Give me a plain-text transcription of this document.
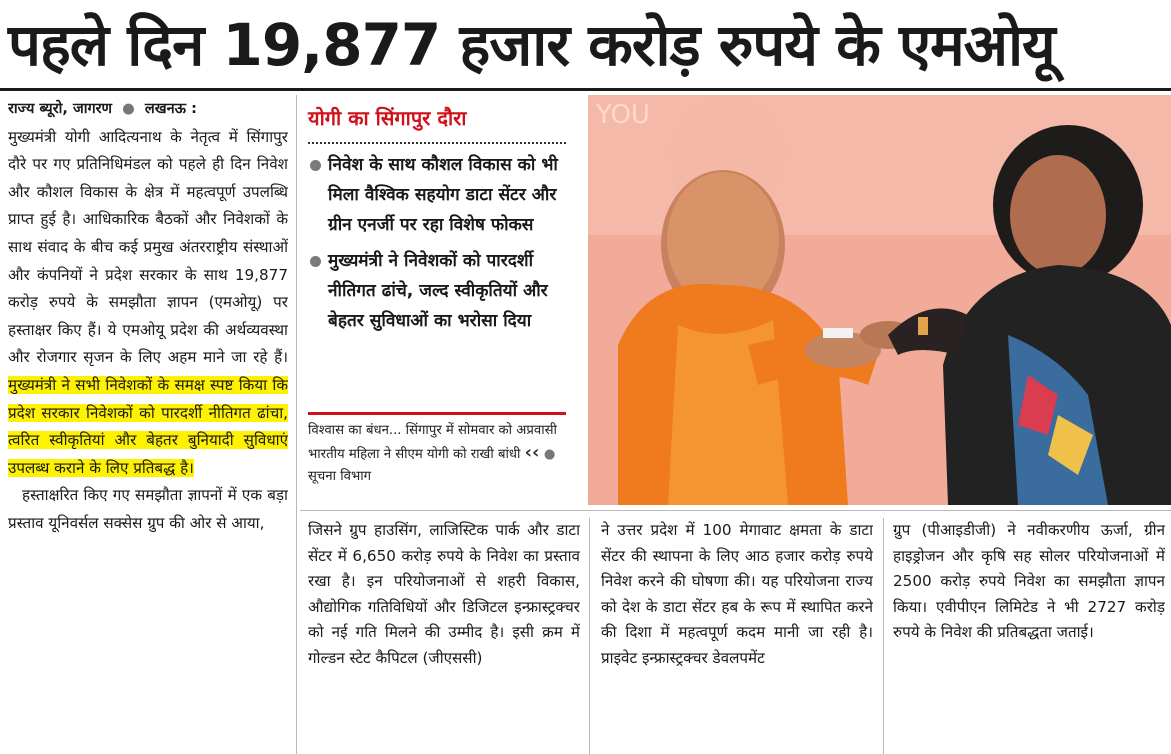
पहले दिन 19,877 हजार करोड़ रुपये के एमओयू
राज्य ब्यूरो, जागरण  ●  लखनऊ :
मुख्यमंत्री योगी आदित्यनाथ के नेतृत्व में सिंगापुर दौरे पर गए प्रतिनिधिमंडल को पहले ही दिन निवेश और कौशल विकास के क्षेत्र में महत्वपूर्ण उपलब्धि प्राप्त हुई है। आधिकारिक बैठकों और निवेशकों के साथ संवाद के बीच कई प्रमुख अंतरराष्ट्रीय संस्थाओं और कंपनियों ने प्रदेश सरकार के साथ 19,877 करोड़ रुपये के समझौता ज्ञापन (एमओयू) पर हस्ताक्षर किए हैं। ये एमओयू प्रदेश की अर्थव्यवस्था और रोजगार सृजन के लिए अहम माने जा रहे हैं। मुख्यमंत्री ने सभी निवेशकों के समक्ष स्पष्ट किया कि प्रदेश सरकार निवेशकों को पारदर्शी नीतिगत ढांचा, त्वरित स्वीकृतियां और बेहतर बुनियादी सुविधाएं उपलब्ध कराने के लिए प्रतिबद्ध है।
हस्ताक्षरित किए गए समझौता ज्ञापनों में एक बड़ा प्रस्ताव यूनिवर्सल सक्सेस ग्रुप की ओर से आया,
योगी का सिंगापुर दौरा
निवेश के साथ कौशल विकास को भी मिला वैश्विक सहयोग डाटा सेंटर और ग्रीन एनर्जी पर रहा विशेष फोकस
मुख्यमंत्री ने निवेशकों को पारदर्शी नीतिगत ढांचे, जल्द स्वीकृतियों और बेहतर सुविधाओं का भरोसा दिया
विश्वास का बंधन... सिंगापुर में सोमवार को अप्रवासी भारतीय महिला ने सीएम योगी को राखी बांधी ‹‹ ● सूचना विभाग
YOU
जिसने ग्रुप हाउसिंग, लाजिस्टिक पार्क और डाटा सेंटर में 6,650 करोड़ रुपये के निवेश का प्रस्ताव रखा है। इन परियोजनाओं से शहरी विकास, औद्योगिक गतिविधियों और डिजिटल इन्फ्रास्ट्रक्चर को नई गति मिलने की उम्मीद है। इसी क्रम में गोल्डन स्टेट कैपिटल (जीएससी)
ने उत्तर प्रदेश में 100 मेगावाट क्षमता के डाटा सेंटर की स्थापना के लिए आठ हजार करोड़ रुपये निवेश करने की घोषणा की। यह परियोजना राज्य को देश के डाटा सेंटर हब के रूप में स्थापित करने की दिशा में महत्वपूर्ण कदम मानी जा रही है। प्राइवेट इन्फ्रास्ट्रक्चर डेवलपमेंट
ग्रुप (पीआइडीजी) ने नवीकरणीय ऊर्जा, ग्रीन हाइड्रोजन और कृषि सह सोलर परियोजनाओं में 2500 करोड़ रुपये निवेश का समझौता ज्ञापन किया। एवीपीएन लिमिटेड ने भी 2727 करोड़ रुपये के निवेश की प्रतिबद्धता जताई।
